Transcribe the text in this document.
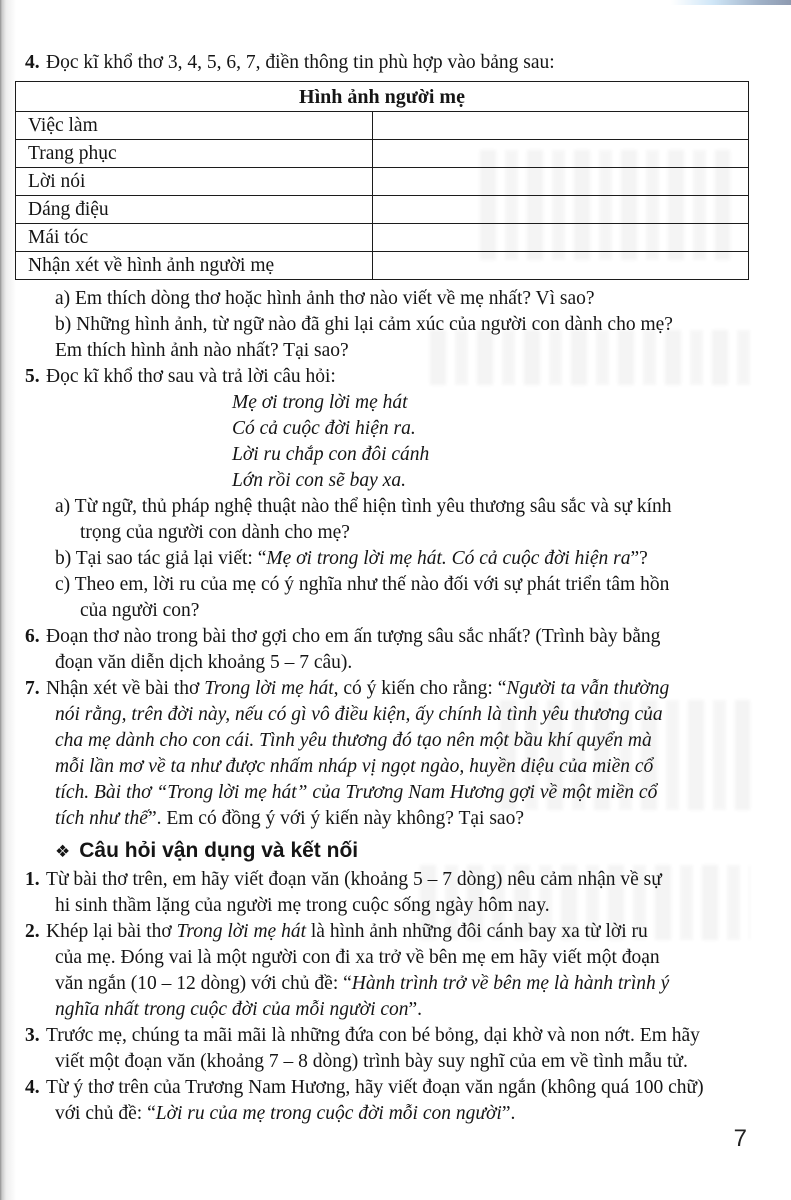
4. Đọc kĩ khổ thơ 3, 4, 5, 6, 7, điền thông tin phù hợp vào bảng sau:
Hình ảnh người mẹ	
Việc làm	
Trang phục	
Lời nói	
Dáng điệu	
Mái tóc	
Nhận xét về hình ảnh người mẹ	
a) Em thích dòng thơ hoặc hình ảnh thơ nào viết về mẹ nhất? Vì sao?
b) Những hình ảnh, từ ngữ nào đã ghi lại cảm xúc của người con dành cho mẹ?
Em thích hình ảnh nào nhất? Tại sao?
5. Đọc kĩ khổ thơ sau và trả lời câu hỏi:
Mẹ ơi trong lời mẹ hát
Có cả cuộc đời hiện ra.
Lời ru chắp con đôi cánh
Lớn rồi con sẽ bay xa.
a) Từ ngữ, thủ pháp nghệ thuật nào thể hiện tình yêu thương sâu sắc và sự kính
trọng của người con dành cho mẹ?
b) Tại sao tác giả lại viết: “Mẹ ơi trong lời mẹ hát. Có cả cuộc đời hiện ra”?
c) Theo em, lời ru của mẹ có ý nghĩa như thế nào đối với sự phát triển tâm hồn
của người con?
6. Đoạn thơ nào trong bài thơ gợi cho em ấn tượng sâu sắc nhất? (Trình bày bằng
đoạn văn diễn dịch khoảng 5 – 7 câu).
7. Nhận xét về bài thơ Trong lời mẹ hát, có ý kiến cho rằng: “Người ta vẫn thường
nói rằng, trên đời này, nếu có gì vô điều kiện, ấy chính là tình yêu thương của
cha mẹ dành cho con cái. Tình yêu thương đó tạo nên một bầu khí quyển mà
mỗi lần mơ về ta như được nhấm nháp vị ngọt ngào, huyền diệu của miền cổ
tích. Bài thơ “Trong lời mẹ hát” của Trương Nam Hương gợi về một miền cổ
tích như thế”. Em có đồng ý với ý kiến này không? Tại sao?
❖ Câu hỏi vận dụng và kết nối
1. Từ bài thơ trên, em hãy viết đoạn văn (khoảng 5 – 7 dòng) nêu cảm nhận về sự
hi sinh thầm lặng của người mẹ trong cuộc sống ngày hôm nay.
2. Khép lại bài thơ Trong lời mẹ hát là hình ảnh những đôi cánh bay xa từ lời ru
của mẹ. Đóng vai là một người con đi xa trở về bên mẹ em hãy viết một đoạn
văn ngắn (10 – 12 dòng) với chủ đề: “Hành trình trở về bên mẹ là hành trình ý
nghĩa nhất trong cuộc đời của mỗi người con”.
3. Trước mẹ, chúng ta mãi mãi là những đứa con bé bỏng, dại khờ và non nớt. Em hãy
viết một đoạn văn (khoảng 7 – 8 dòng) trình bày suy nghĩ của em về tình mẫu tử.
4. Từ ý thơ trên của Trương Nam Hương, hãy viết đoạn văn ngắn (không quá 100 chữ)
với chủ đề: “Lời ru của mẹ trong cuộc đời mỗi con người”.
7
